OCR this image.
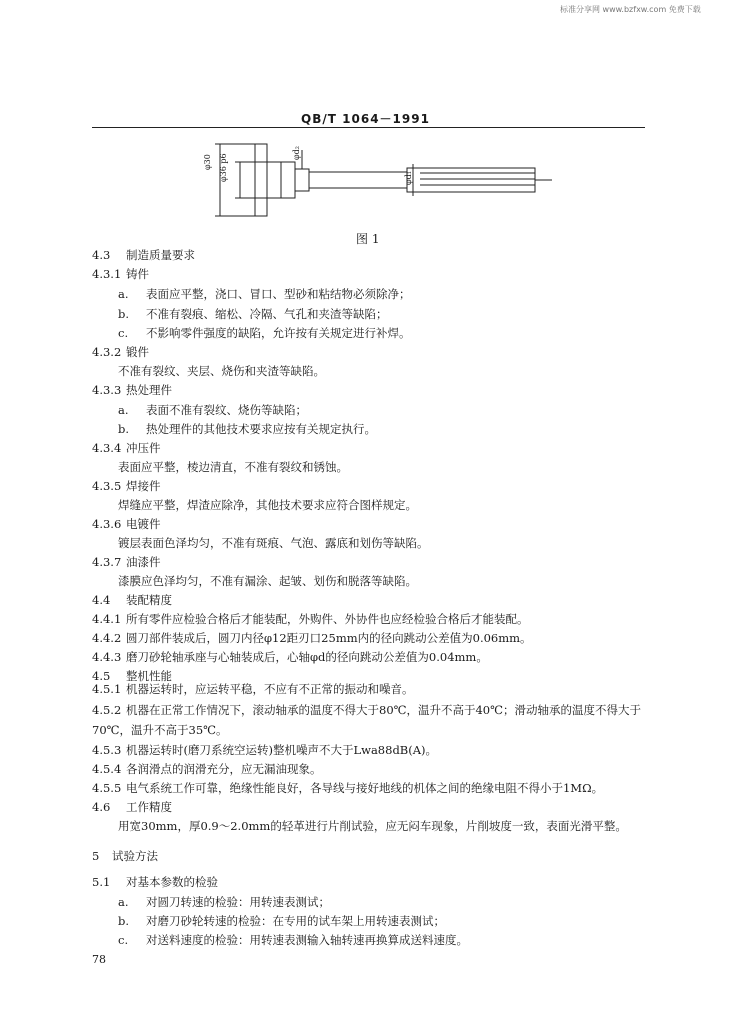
标准分享网 www.bzfxw.com 免费下载
QB/T 1064－1991
φ30 φ36 p6
φd₂
φd₁
图 1
4.3 制造质量要求
4.3.1 铸件
a. 表面应平整，浇口、冒口、型砂和粘结物必须除净；
b. 不准有裂痕、缩松、冷隔、气孔和夹渣等缺陷；
c. 不影响零件强度的缺陷，允许按有关规定进行补焊。
4.3.2 锻件
不准有裂纹、夹层、烧伤和夹渣等缺陷。
4.3.3 热处理件
a. 表面不准有裂纹、烧伤等缺陷；
b. 热处理件的其他技术要求应按有关规定执行。
4.3.4 冲压件
表面应平整，棱边清直，不准有裂纹和锈蚀。
4.3.5 焊接件
焊缝应平整，焊渣应除净，其他技术要求应符合图样规定。
4.3.6 电镀件
镀层表面色泽均匀，不准有斑痕、气泡、露底和划伤等缺陷。
4.3.7 油漆件
漆膜应色泽均匀，不准有漏涂、起皱、划伤和脱落等缺陷。
4.4 装配精度
4.4.1 所有零件应检验合格后才能装配，外购件、外协件也应经检验合格后才能装配。
4.4.2 圆刀部件装成后，圆刀内径φ12距刃口25mm内的径向跳动公差值为0.06mm。
4.4.3 磨刀砂轮轴承座与心轴装成后，心轴φd的径向跳动公差值为0.04mm。
4.5 整机性能
4.5.1 机器运转时，应运转平稳，不应有不正常的振动和噪音。
4.5.2 机器在正常工作情况下，滚动轴承的温度不得大于80℃，温升不高于40℃；滑动轴承的温度不得大于70℃，温升不高于35℃。
4.5.3 机器运转时(磨刀系统空运转)整机噪声不大于Lwa88dB(A)。
4.5.4 各润滑点的润滑充分，应无漏油现象。
4.5.5 电气系统工作可靠，绝缘性能良好，各导线与接好地线的机体之间的绝缘电阻不得小于1MΩ。
4.6 工作精度
用宽30mm，厚0.9～2.0mm的轻革进行片削试验，应无闷车现象，片削坡度一致，表面光滑平整。
5 试验方法
5.1 对基本参数的检验
a. 对圆刀转速的检验：用转速表测试；
b. 对磨刀砂轮转速的检验：在专用的试车架上用转速表测试；
c. 对送料速度的检验：用转速表测输入轴转速再换算成送料速度。
78
